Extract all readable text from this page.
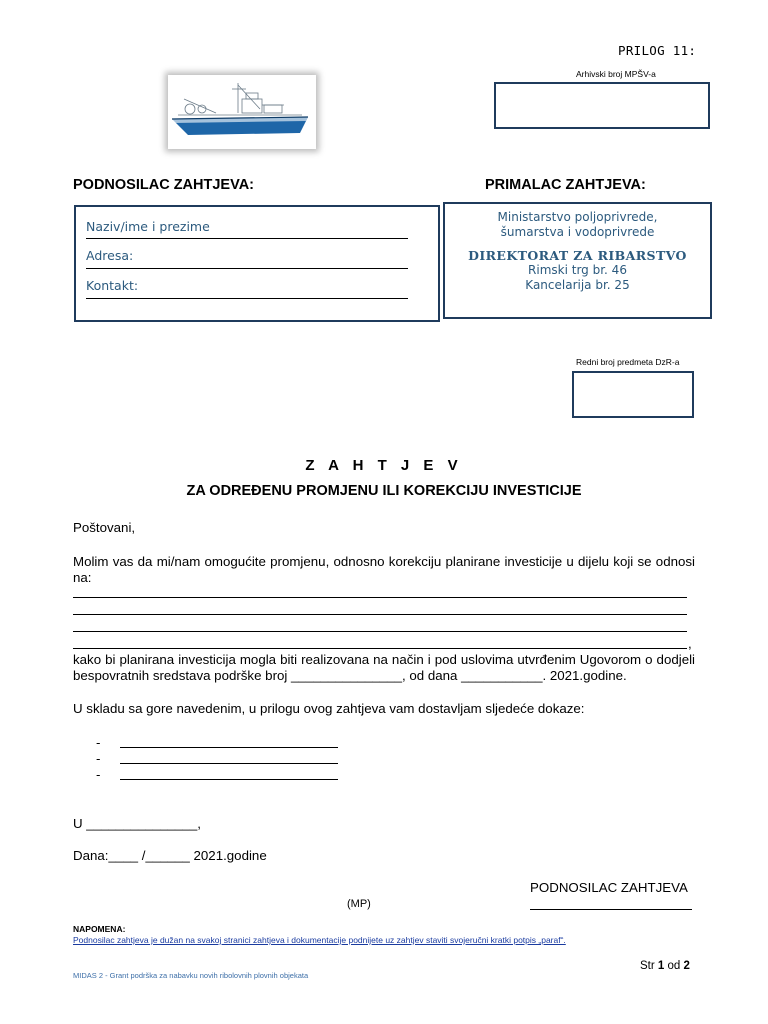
PRILOG 11:
Arhivski broj MPŠV-a
PODNOSILAC ZAHTJEVA:	PRIMALAC ZAHTJEVA:
Naziv/ime i prezime
Adresa:
Kontakt:
Ministarstvo poljoprivrede,
šumarstva i vodoprivrede
DIREKTORAT ZA RIBARSTVO
Rimski trg br. 46
Kancelarija br. 25
Redni broj predmeta DzR-a
Z A H T J E V
ZA ODREĐENU PROMJENU ILI KOREKCIJU INVESTICIJE
Poštovani,
Molim vas da mi/nam omogućite promjenu, odnosno korekciju planirane investicije u dijelu koji se odnosi na:
,
kako bi planirana investicija mogla biti realizovana na način i pod uslovima utvrđenim Ugovorom o dodjeli bespovratnih sredstava podrške broj _______________, od dana ___________. 2021.godine.
U skladu sa gore navedenim, u prilogu ovog zahtjeva vam dostavljam sljedeće dokaze:
-
-
-
U _______________,
Dana:____ /______ 2021.godine
PODNOSILAC ZAHTJEVA
(MP)
NAPOMENA:
Podnosilac zahtjeva je dužan na svakoj stranici zahtjeva i dokumentacije podnijete uz zahtjev staviti svojeručni kratki potpis „paraf“.
Str 1 od 2
MIDAS 2 - Grant podrška za nabavku novih ribolovnih plovnih objekata
